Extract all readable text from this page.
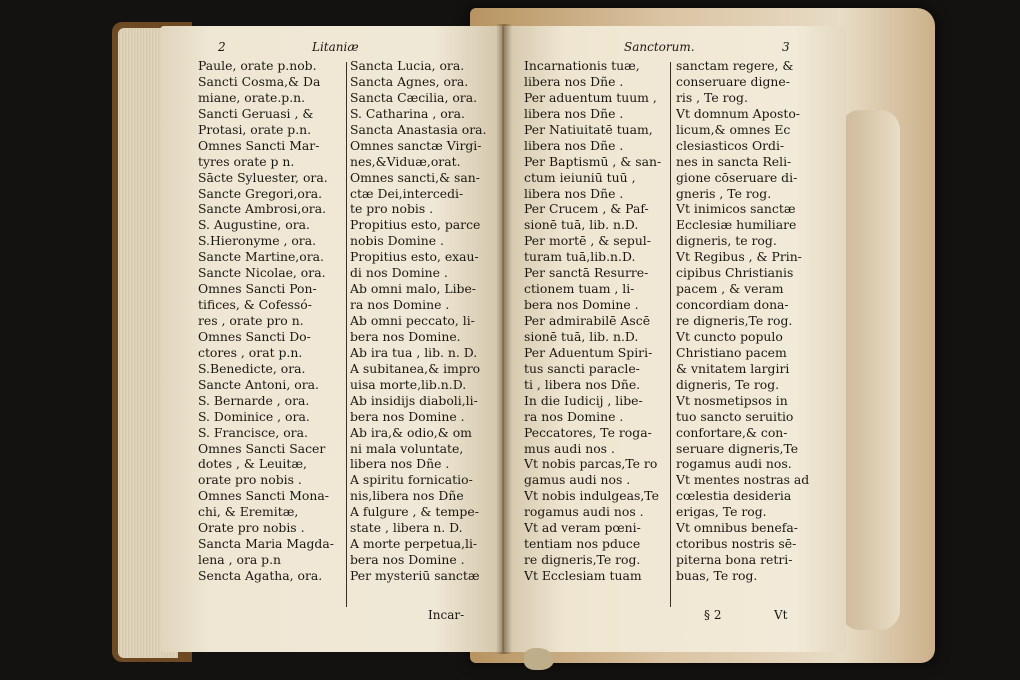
2	Litaniæ
Paule, orate p.nob.
Sancti Cosma,& Da
miane, orate.p.n.
Sancti Geruasi , &
Protasi, orate p.n.
Omnes Sancti Mar-
tyres orate p n.
Sācte Syluester, ora.
Sancte Gregori,ora.
Sancte Ambrosi,ora.
S. Augustine, ora.
S.Hieronyme , ora.
Sancte Martine,ora.
Sancte Nicolae, ora.
Omnes Sancti Pon-
tifices, & Cofessó-
res , orate pro n.
Omnes Sancti Do-
ctores , orat p.n.
S.Benedicte, ora.
Sancte Antoni, ora.
S. Bernarde , ora.
S. Dominice , ora.
S. Francisce, ora.
Omnes Sancti Sacer
dotes , & Leuitæ,
orate pro nobis .
Omnes Sancti Mona-
chi, & Eremitæ,
Orate pro nobis .
Sancta Maria Magda-
lena , ora p.n
Sencta Agatha, ora.
Sancta Lucia, ora.
Sancta Agnes, ora.
Sancta Cæcilia, ora.
S. Catharina , ora.
Sancta Anastasia ora.
Omnes sanctæ Virgi-
nes,&Viduæ,orat.
Omnes sancti,& san-
ctæ Dei,intercedi-
te pro nobis .
Propitius esto, parce
nobis Domine .
Propitius esto, exau-
di nos Domine .
Ab omni malo, Libe-
ra nos Domine .
Ab omni peccato, li-
bera nos Domine.
Ab ira tua , lib. n. D.
A subitanea,& impro
uisa morte,lib.n.D.
Ab insidijs diaboli,li-
bera nos Domine .
Ab ira,& odio,& om
ni mala voluntate,
libera nos Dñe .
A spiritu fornicatio-
nis,libera nos Dñe
A fulgure , & tempe-
state , libera n. D.
A morte perpetua,li-
bera nos Domine .
Per mysteriū sanctæ
Incar-
Sanctorum.	3
Incarnationis tuæ,
libera nos Dñe .
Per aduentum tuum ,
libera nos Dñe .
Per Natiuitatē tuam,
libera nos Dñe .
Per Baptismū , & san-
ctum ieiuniū tuū ,
libera nos Dñe .
Per Crucem , & Paf-
sionē tuā, lib. n.D.
Per mortē , & sepul-
turam tuā,lib.n.D.
Per sanctā Resurre-
ctionem tuam , li-
bera nos Domine .
Per admirabilē Ascē
sionē tuā, lib. n.D.
Per Aduentum Spiri-
tus sancti paracle-
ti , libera nos Dñe.
In die Iudicij , libe-
ra nos Domine .
Peccatores, Te roga-
mus audi nos .
Vt nobis parcas,Te ro
gamus audi nos .
Vt nobis indulgeas,Te
rogamus audi nos .
Vt ad veram pœni-
tentiam nos pduce
re digneris,Te rog.
Vt Ecclesiam tuam
sanctam regere, &
conseruare digne-
ris , Te rog.
Vt domnum Aposto-
licum,& omnes Ec
clesiasticos Ordi-
nes in sancta Reli-
gione cōseruare di-
gneris , Te rog.
Vt inimicos sanctæ
Ecclesiæ humiliare
digneris, te rog.
Vt Regibus , & Prin-
cipibus Christianis
pacem , & veram
concordiam dona-
re digneris,Te rog.
Vt cuncto populo
Christiano pacem
& vnitatem largiri
digneris, Te rog.
Vt nosmetipsos in
tuo sancto seruitio
confortare,& con-
seruare digneris,Te
rogamus audi nos.
Vt mentes nostras ad
cœlestia desideria
erigas, Te rog.
Vt omnibus benefa-
ctoribus nostris sē-
piterna bona retri-
buas, Te rog.
§ 2	Vt
